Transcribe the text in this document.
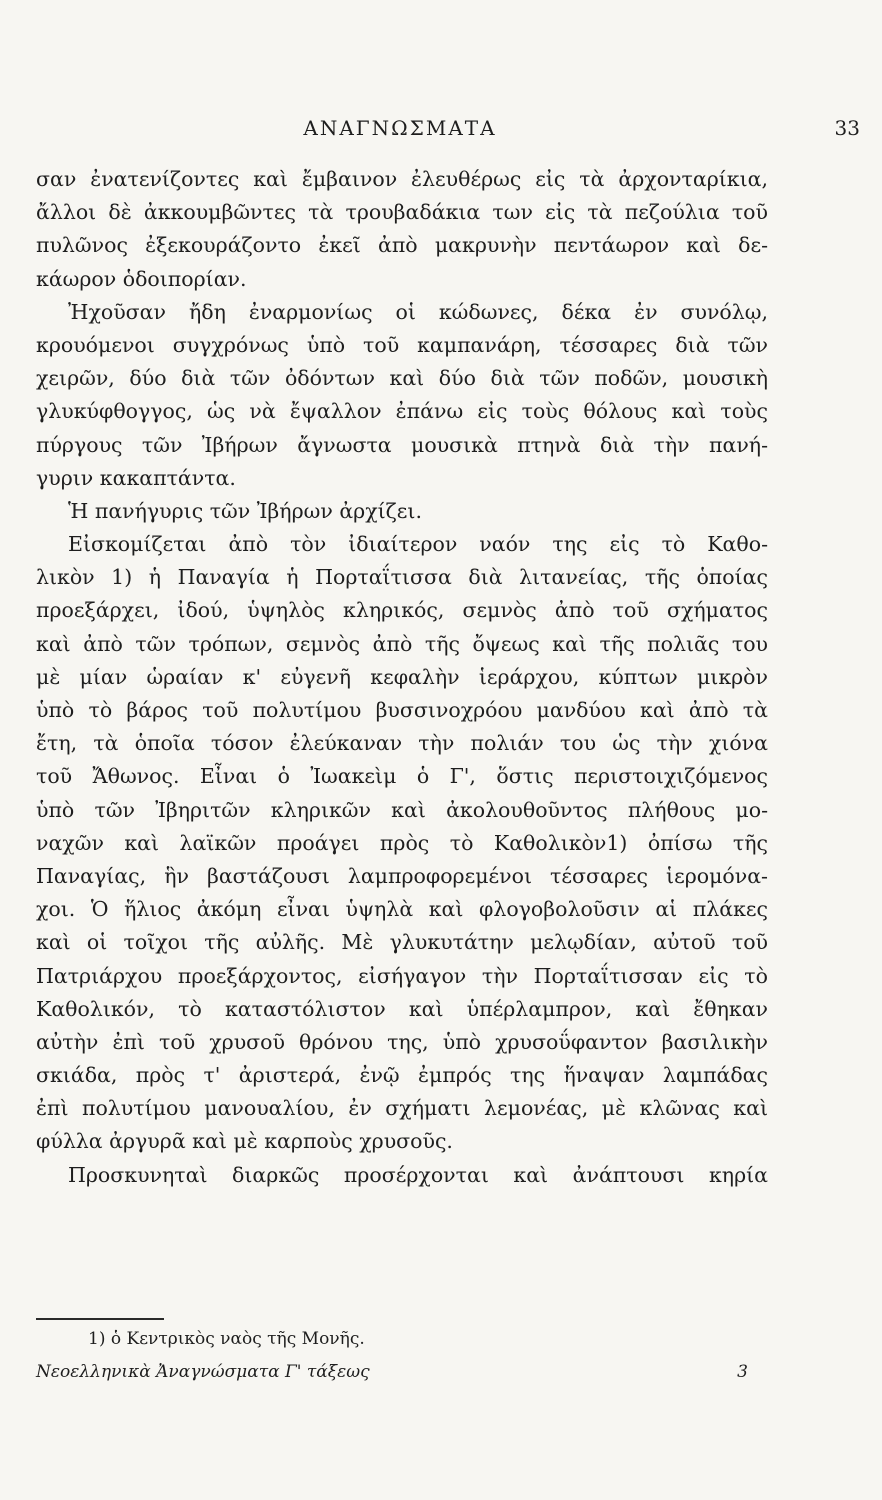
ΑΝΑΓΝΩΣΜΑΤΑ	33
σαν ἐνατενίζοντες καὶ ἔμβαινον ἐλευθέρως εἰς τὰ ἀρχονταρίκια,
ἄλλοι δὲ ἀκκουμβῶντες τὰ τρουβαδάκια των εἰς τὰ πεζούλια τοῦ
πυλῶνος ἐξεκουράζοντο ἐκεῖ ἀπὸ μακρυνὴν πεντάωρον καὶ δε-
κάωρον ὁδοιπορίαν.
Ἠχοῦσαν ἤδη ἐναρμονίως οἱ κώδωνες, δέκα ἐν συνόλῳ,
κρουόμενοι συγχρόνως ὑπὸ τοῦ καμπανάρη, τέσσαρες διὰ τῶν
χειρῶν, δύο διὰ τῶν ὀδόντων καὶ δύο διὰ τῶν ποδῶν, μουσικὴ
γλυκύφθογγος, ὡς νὰ ἔψαλλον ἐπάνω εἰς τοὺς θόλους καὶ τοὺς
πύργους τῶν Ἰβήρων ἄγνωστα μουσικὰ πτηνὰ διὰ τὴν πανή-
γυριν κακαπτάντα.
Ἡ πανήγυρις τῶν Ἰβήρων ἀρχίζει.
Εἰσκομίζεται ἀπὸ τὸν ἰδιαίτερον ναόν της εἰς τὸ Καθο-
λικὸν 1) ἡ Παναγία ἡ Πορταΐτισσα διὰ λιτανείας, τῆς ὁποίας
προεξάρχει, ἰδού, ὑψηλὸς κληρικός, σεμνὸς ἀπὸ τοῦ σχήματος
καὶ ἀπὸ τῶν τρόπων, σεμνὸς ἀπὸ τῆς ὄψεως καὶ τῆς πολιᾶς του
μὲ μίαν ὡραίαν κ' εὐγενῆ κεφαλὴν ἱεράρχου, κύπτων μικρὸν
ὑπὸ τὸ βάρος τοῦ πολυτίμου βυσσινοχρόου μανδύου καὶ ἀπὸ τὰ
ἔτη, τὰ ὁποῖα τόσον ἐλεύκαναν τὴν πολιάν του ὡς τὴν χιόνα
τοῦ Ἄθωνος. Εἶναι ὁ Ἰωακεὶμ ὁ Γ', ὅστις περιστοιχιζόμενος
ὑπὸ τῶν Ἰβηριτῶν κληρικῶν καὶ ἀκολουθοῦντος πλήθους μο-
ναχῶν καὶ λαϊκῶν προάγει πρὸς τὸ Καθολικὸν1) ὀπίσω τῆς
Παναγίας, ἣν βαστάζουσι λαμπροφορεμένοι τέσσαρες ἱερομόνα-
χοι. Ὁ ἥλιος ἀκόμη εἶναι ὑψηλὰ καὶ φλογοβολοῦσιν αἱ πλάκες
καὶ οἱ τοῖχοι τῆς αὐλῆς. Μὲ γλυκυτάτην μελῳδίαν, αὐτοῦ τοῦ
Πατριάρχου προεξάρχοντος, εἰσήγαγον τὴν Πορταΐτισσαν εἰς τὸ
Καθολικόν, τὸ καταστόλιστον καὶ ὑπέρλαμπρον, καὶ ἔθηκαν
αὐτὴν ἐπὶ τοῦ χρυσοῦ θρόνου της, ὑπὸ χρυσοΰφαντον βασιλικὴν
σκιάδα, πρὸς τ' ἀριστερά, ἐνῷ ἐμπρός της ἥναψαν λαμπάδας
ἐπὶ πολυτίμου μανουαλίου, ἐν σχήματι λεμονέας, μὲ κλῶνας καὶ
φύλλα ἀργυρᾶ καὶ μὲ καρποὺς χρυσοῦς.
Προσκυνηταὶ διαρκῶς προσέρχονται καὶ ἀνάπτουσι κηρία
1) ὁ Κεντρικὸς ναὸς τῆς Μονῆς.
Νεοελληνικὰ Ἀναγνώσματα Γ' τάξεως	3
